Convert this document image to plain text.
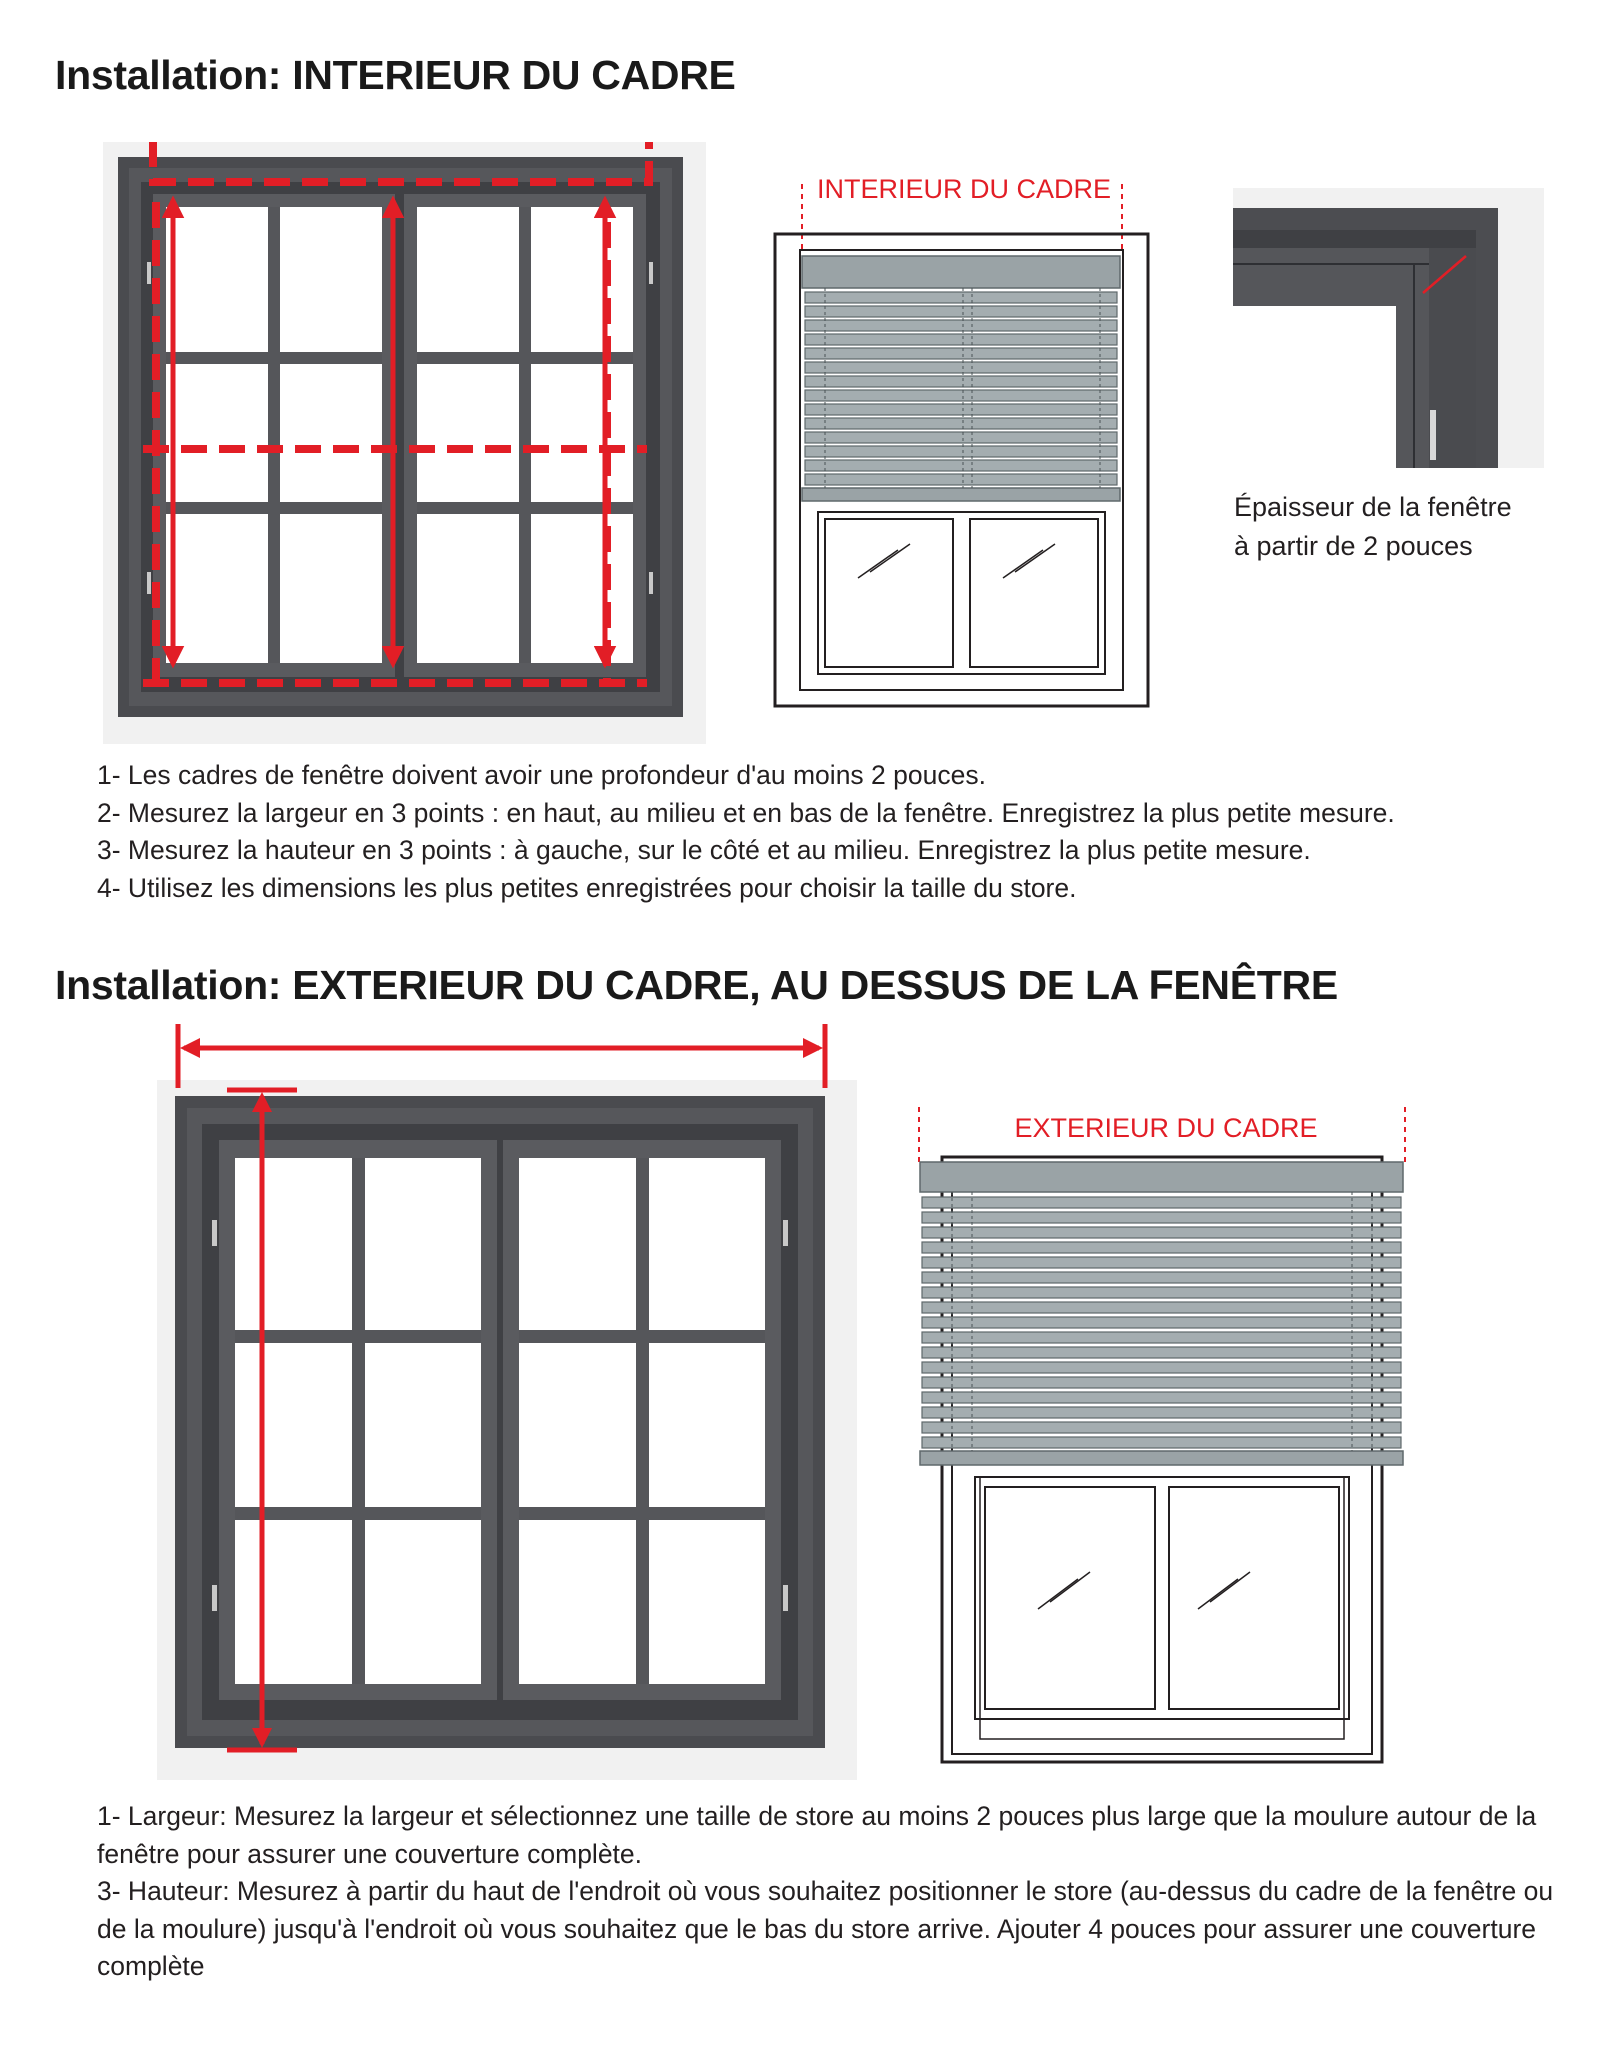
Installation: INTERIEUR DU CADRE
INTERIEUR DU CADRE
Épaisseur de la fenêtre
à partir de 2 pouces
1- Les cadres de fenêtre doivent avoir une profondeur d'au moins 2 pouces.
2- Mesurez la largeur en 3 points : en haut, au milieu et en bas de la fenêtre. Enregistrez la plus petite mesure.
3- Mesurez la hauteur en 3 points : à gauche, sur le côté et au milieu. Enregistrez la plus petite mesure.
4- Utilisez les dimensions les plus petites enregistrées pour choisir la taille du store.
Installation: EXTERIEUR DU CADRE, AU DESSUS DE LA FENÊTRE
EXTERIEUR DU CADRE
1- Largeur: Mesurez la largeur et sélectionnez une taille de store au moins 2 pouces plus large que la moulure autour de la fenêtre pour assurer une couverture complète.
3- Hauteur: Mesurez à partir du haut de l'endroit où vous souhaitez positionner le store (au-dessus du cadre de la fenêtre ou de la moulure) jusqu'à l'endroit où vous souhaitez que le bas du store arrive. Ajouter 4 pouces pour assurer une couverture complète
